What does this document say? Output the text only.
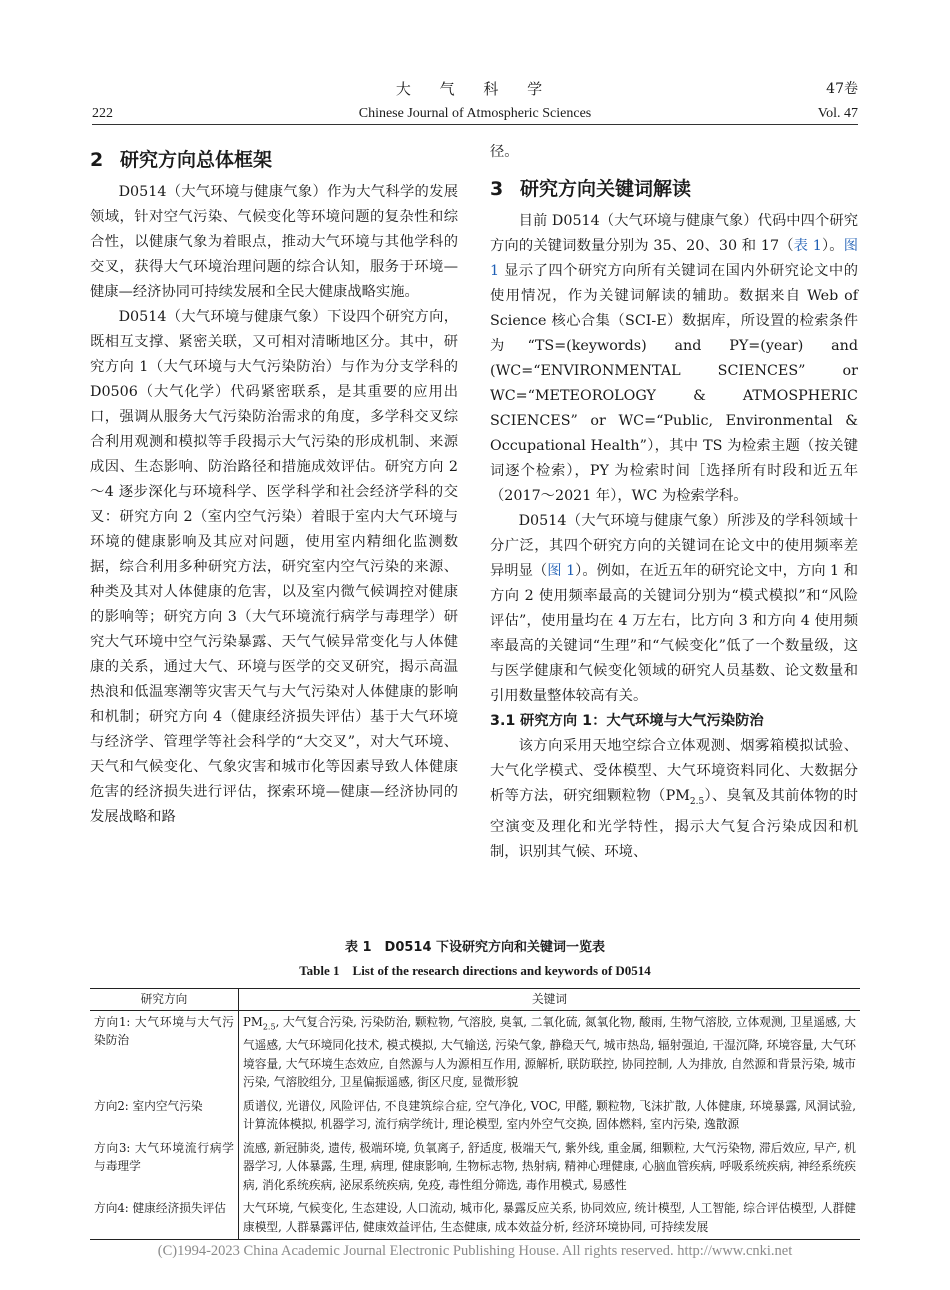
大 气 科 学	47卷
222	Chinese Journal of Atmospheric Sciences	Vol. 47
2 研究方向总体框架

D0514（大气环境与健康气象）作为大气科学的发展领域，针对空气污染、气候变化等环境问题的复杂性和综合性，以健康气象为着眼点，推动大气环境与其他学科的交叉，获得大气环境治理问题的综合认知，服务于环境—健康—经济协同可持续发展和全民大健康战略实施。

D0514（大气环境与健康气象）下设四个研究方向，既相互支撑、紧密关联，又可相对清晰地区分。其中，研究方向 1（大气环境与大气污染防治）与作为分支学科的 D0506（大气化学）代码紧密联系，是其重要的应用出口，强调从服务大气污染防治需求的角度，多学科交叉综合利用观测和模拟等手段揭示大气污染的形成机制、来源成因、生态影响、防治路径和措施成效评估。研究方向 2～4 逐步深化与环境科学、医学科学和社会经济学科的交叉：研究方向 2（室内空气污染）着眼于室内大气环境与环境的健康影响及其应对问题，使用室内精细化监测数据，综合利用多种研究方法，研究室内空气污染的来源、种类及其对人体健康的危害，以及室内微气候调控对健康的影响等；研究方向 3（大气环境流行病学与毒理学）研究大气环境中空气污染暴露、天气气候异常变化与人体健康的关系，通过大气、环境与医学的交叉研究，揭示高温热浪和低温寒潮等灾害天气与大气污染对人体健康的影响和机制；研究方向 4（健康经济损失评估）基于大气环境与经济学、管理学等社会科学的“大交叉”，对大气环境、天气和气候变化、气象灾害和城市化等因素导致人体健康危害的经济损失进行评估，探索环境—健康—经济协同的发展战略和路

径。

3 研究方向关键词解读

目前 D0514（大气环境与健康气象）代码中四个研究方向的关键词数量分别为 35、20、30 和 17（表 1）。图 1 显示了四个研究方向所有关键词在国内外研究论文中的使用情况，作为关键词解读的辅助。数据来自 Web of Science 核心合集（SCI-E）数据库，所设置的检索条件为“TS=(keywords) and PY=(year) and (WC=“ENVIRONMENTAL SCIENCES” or WC=“METEOROLOGY & ATMOSPHERIC SCIENCES” or WC=“Public, Environmental & Occupational Health”），其中 TS 为检索主题（按关键词逐个检索），PY 为检索时间［选择所有时段和近五年（2017～2021 年），WC 为检索学科。

D0514（大气环境与健康气象）所涉及的学科领域十分广泛，其四个研究方向的关键词在论文中的使用频率差异明显（图 1）。例如，在近五年的研究论文中，方向 1 和方向 2 使用频率最高的关键词分别为“模式模拟”和“风险评估”，使用量均在 4 万左右，比方向 3 和方向 4 使用频率最高的关键词“生理”和“气候变化”低了一个数量级，这与医学健康和气候变化领域的研究人员基数、论文数量和引用数量整体较高有关。

3.1 研究方向 1：大气环境与大气污染防治

该方向采用天地空综合立体观测、烟雾箱模拟试验、大气化学模式、受体模型、大气环境资料同化、大数据分析等方法，研究细颗粒物$(PM_{2.5})$、臭氧及其前体物的时空演变及理化和光学特性，揭示大气复合污染成因和机制，识别其气候、环境、

表 1　D0514 下设研究方向和关键词一览表
Table 1　List of the research directions and keywords of D0514
研究方向	关键词
方向1: 大气环境与大气污染防治	$PM_{2.5}$, 大气复合污染, 污染防治, 颗粒物, 气溶胶, 臭氧, 二氧化硫, 氮氧化物, 酸雨, 生物气溶胶, 立体观测, 卫星遥感, 大气遥感, 大气环境同化技术, 模式模拟, 大气输送, 污染气象, 静稳天气, 城市热岛, 辐射强迫, 干湿沉降, 环境容量, 大气环境容量, 大气环境生态效应, 自然源与人为源相互作用, 源解析, 联防联控, 协同控制, 人为排放, 自然源和背景污染, 城市污染, 气溶胶组分, 卫星偏振遥感, 街区尺度, 显微形貌
方向2: 室内空气污染	质谱仪, 光谱仪, 风险评估, 不良建筑综合症, 空气净化, VOC, 甲醛, 颗粒物, 飞沫扩散, 人体健康, 环境暴露, 风洞试验, 计算流体模拟, 机器学习, 流行病学统计, 理论模型, 室内外空气交换, 固体燃料, 室内污染, 逸散源
方向3: 大气环境流行病学与毒理学	流感, 新冠肺炎, 遗传, 极端环境, 负氧离子, 舒适度, 极端天气, 紫外线, 重金属, 细颗粒, 大气污染物, 滞后效应, 早产, 机器学习, 人体暴露, 生理, 病理, 健康影响, 生物标志物, 热射病, 精神心理健康, 心脑血管疾病, 呼吸系统疾病, 神经系统疾病, 消化系统疾病, 泌尿系统疾病, 免疫, 毒性组分筛选, 毒作用模式, 易感性
方向4: 健康经济损失评估	大气环境, 气候变化, 生态建设, 人口流动, 城市化, 暴露反应关系, 协同效应, 统计模型, 人工智能, 综合评估模型, 人群健康模型, 人群暴露评估, 健康效益评估, 生态健康, 成本效益分析, 经济环境协同, 可持续发展
(C)1994-2023 China Academic Journal Electronic Publishing House. All rights reserved. http://www.cnki.net
